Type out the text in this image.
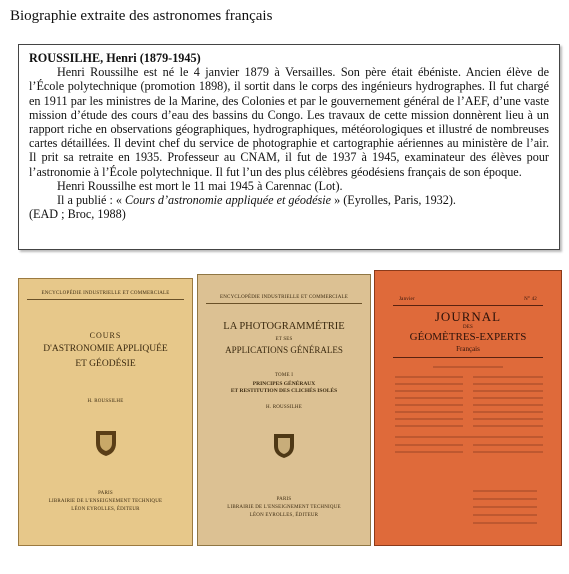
Biographie extraite des astronomes français

ROUSSILHE, Henri (1879-1945)

Henri Roussilhe est né le 4 janvier 1879 à Versailles. Son père était ébéniste. Ancien élève de l’École polytechnique (promotion 1898), il sortit dans le corps des ingénieurs hydrographes. Il fut chargé en 1911 par les ministres de la Marine, des Colonies et par le gouvernement général de l’AEF, d’une vaste mission d’étude des cours d’eau des bassins du Congo. Les travaux de cette mission donnèrent lieu à un rapport riche en observations géographiques, hydrographiques, météorologiques et illustré de nombreuses cartes détaillées. Il devint chef du service de photographie et cartographie aériennes au ministère de l’air. Il prit sa retraite en 1935. Professeur au CNAM, il fut de 1937 à 1945, examinateur des élèves pour l’astronomie à l’École polytechnique. Il fut l’un des plus célèbres géodésiens français de son époque.

Henri Roussilhe est mort le 11 mai 1945 à Carennac (Lot).

Il a publié : « Cours d’astronomie appliquée et géodésie » (Eyrolles, Paris, 1932).

(EAD ; Broc, 1988)

ENCYCLOPÉDIE INDUSTRIELLE ET COMMERCIALE
COURS
D'ASTRONOMIE APPLIQUÉE
ET GÉODÉSIE
H. ROUSSILHE
PARIS
LIBRAIRIE DE L'ENSEIGNEMENT TECHNIQUE
LÉON EYROLLES, ÉDITEUR
ENCYCLOPÉDIE INDUSTRIELLE ET COMMERCIALE
LA PHOTOGRAMMÉTRIE
ET SES
APPLICATIONS GÉNÉRALES
TOME I
PRINCIPES GÉNÉRAUX
ET RESTITUTION DES CLICHÉS ISOLÉS
H. ROUSSILHE
PARIS
LIBRAIRIE DE L'ENSEIGNEMENT TECHNIQUE
LÉON EYROLLES, ÉDITEUR
Janvier	N° 42
JOURNAL
DES
GÉOMÈTRES-EXPERTS
Français
